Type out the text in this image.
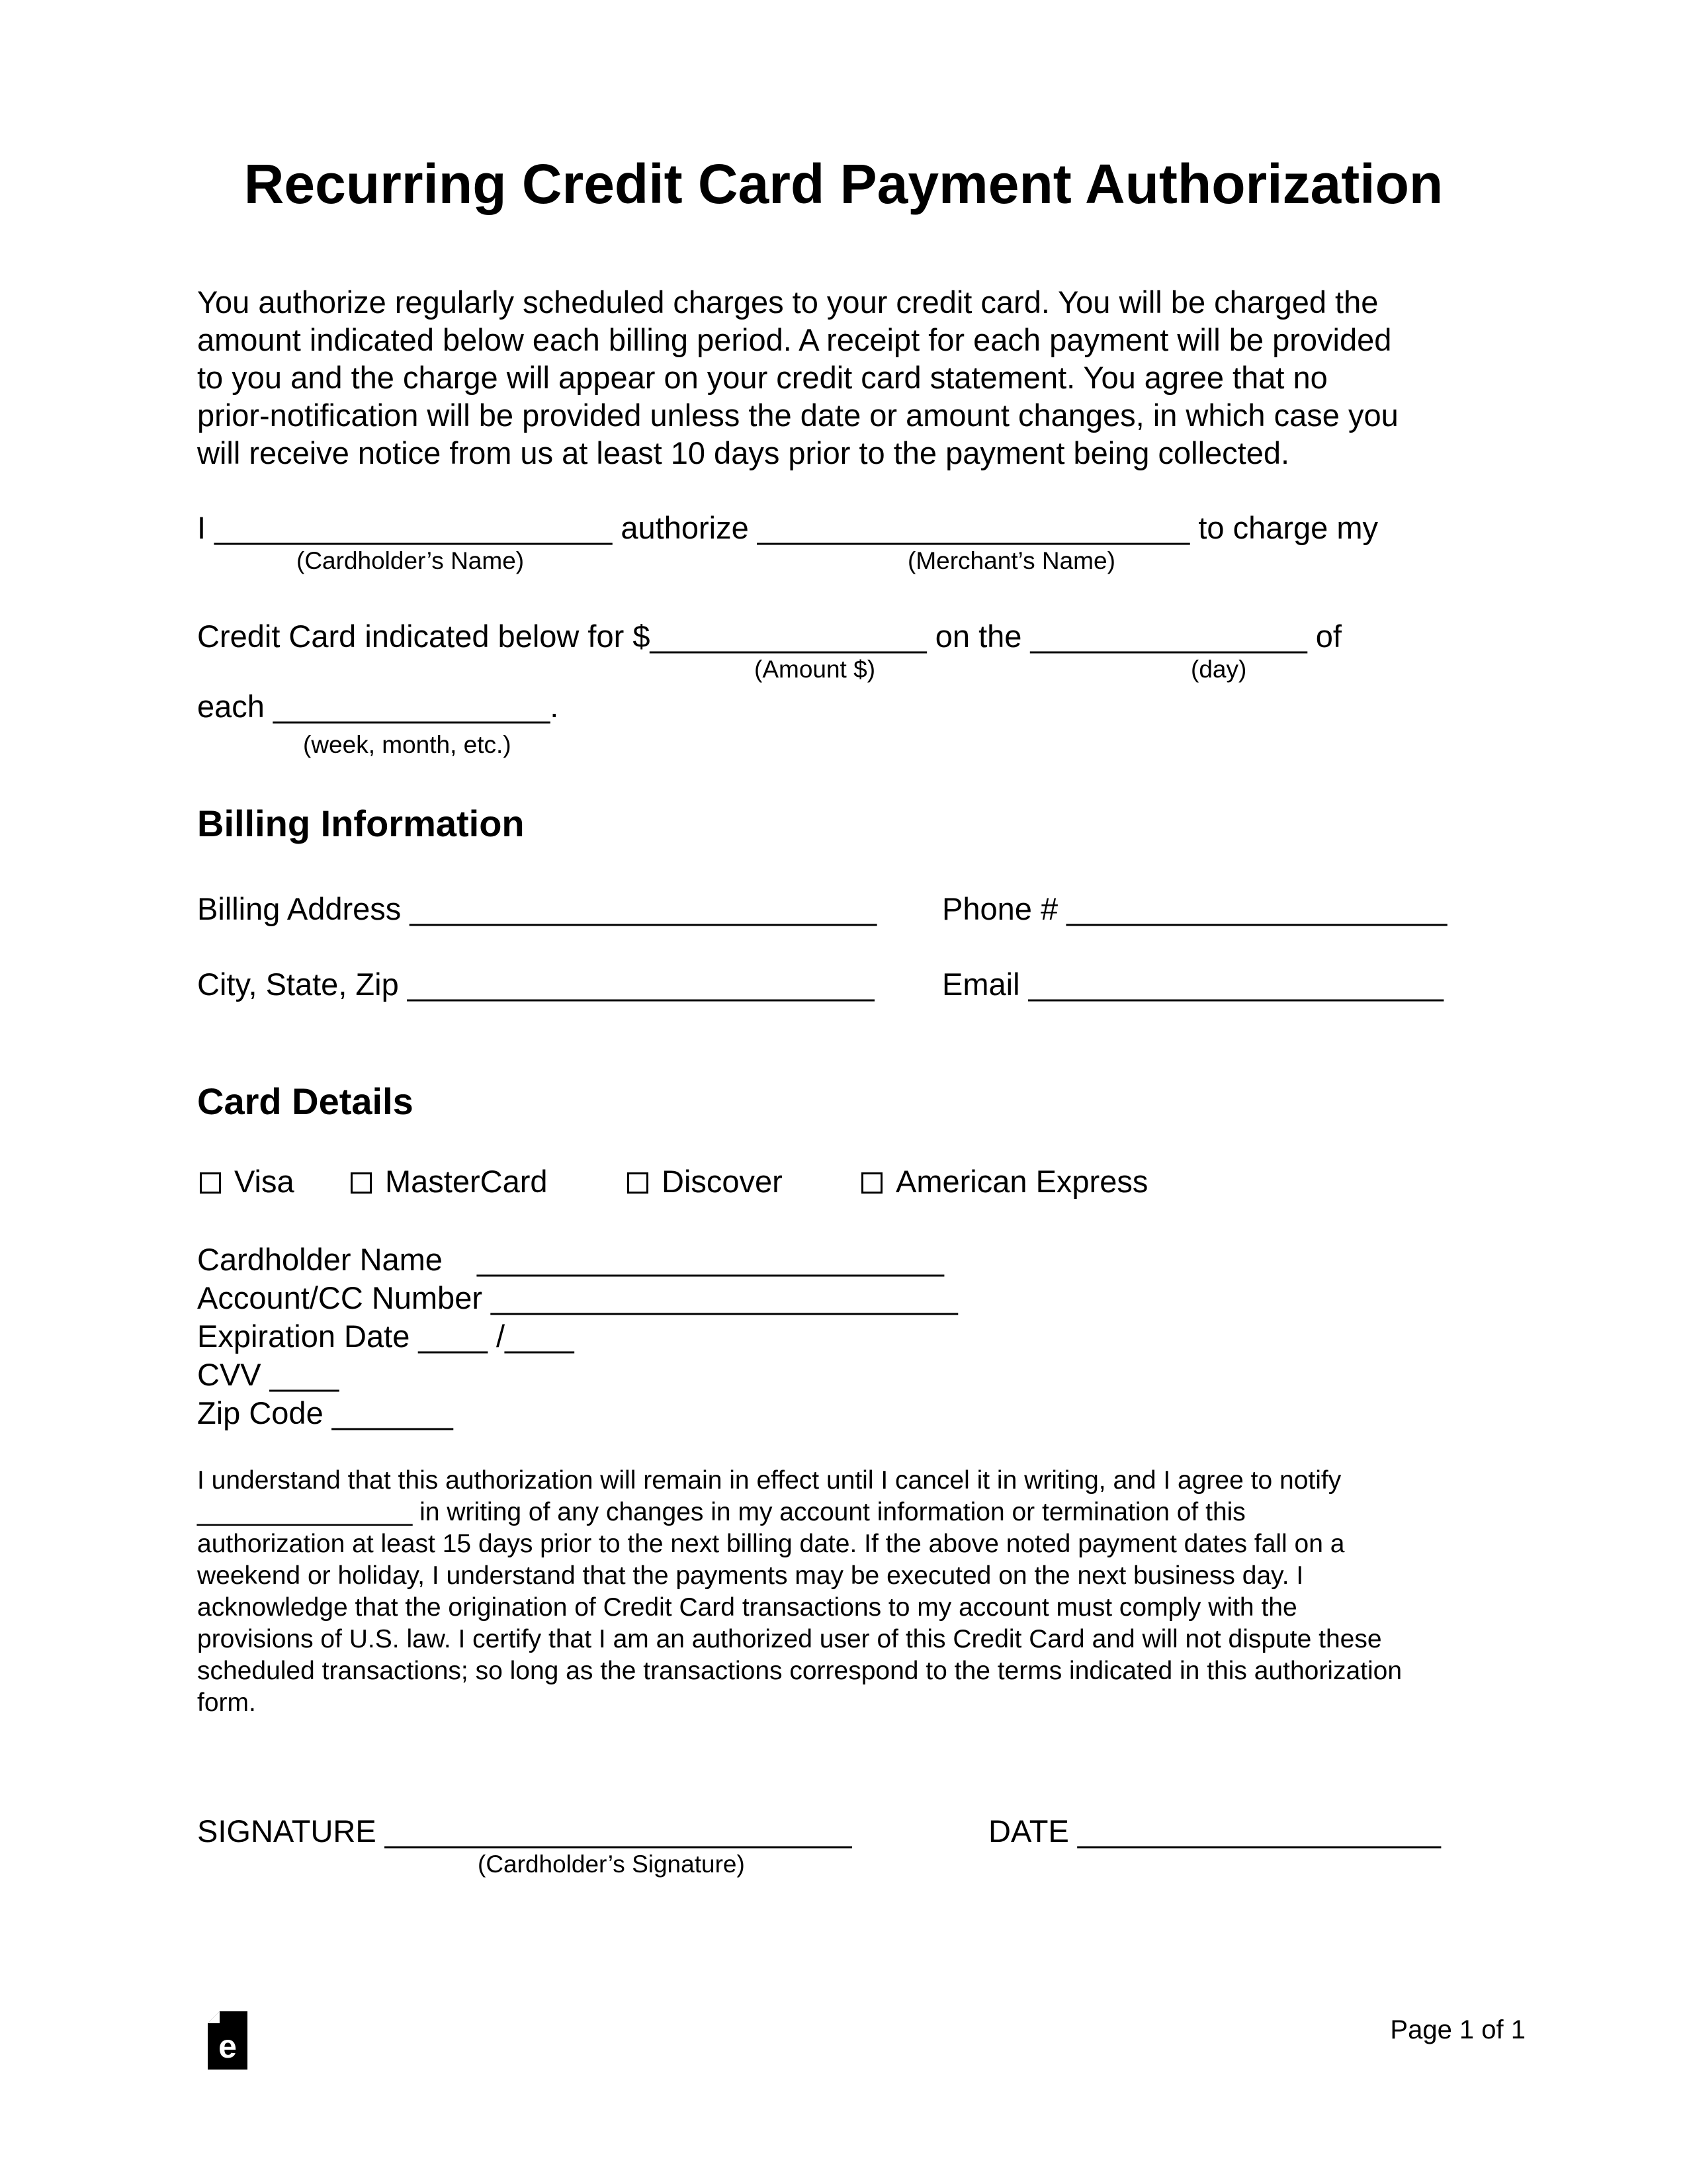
Recurring Credit Card Payment Authorization
You authorize regularly scheduled charges to your credit card. You will be charged the
amount indicated below each billing period. A receipt for each payment will be provided
to you and the charge will appear on your credit card statement. You agree that no
prior-notification will be provided unless the date or amount changes, in which case you
will receive notice from us at least 10 days prior to the payment being collected.
I _______________________ authorize _________________________ to charge my
(Cardholder’s Name)	(Merchant’s Name)
Credit Card indicated below for $________________ on the ________________ of
(Amount $)	(day)
each ________________.
(week, month, etc.)
Billing Information
Billing Address ___________________________ Phone # ______________________
City, State, Zip ___________________________ Email ________________________
Card Details
Visa	MasterCard	Discover	American Express
Cardholder Name    ___________________________
Account/CC Number ___________________________
Expiration Date ____ /____
CVV ____
Zip Code _______
I understand that this authorization will remain in effect until I cancel it in writing, and I agree to notify
_______________ in writing of any changes in my account information or termination of this
authorization at least 15 days prior to the next billing date. If the above noted payment dates fall on a
weekend or holiday, I understand that the payments may be executed on the next business day. I
acknowledge that the origination of Credit Card transactions to my account must comply with the
provisions of U.S. law. I certify that I am an authorized user of this Credit Card and will not dispute these
scheduled transactions; so long as the transactions correspond to the terms indicated in this authorization
form.
SIGNATURE ___________________________
(Cardholder’s Signature)
DATE _____________________
e	Page 1 of 1
